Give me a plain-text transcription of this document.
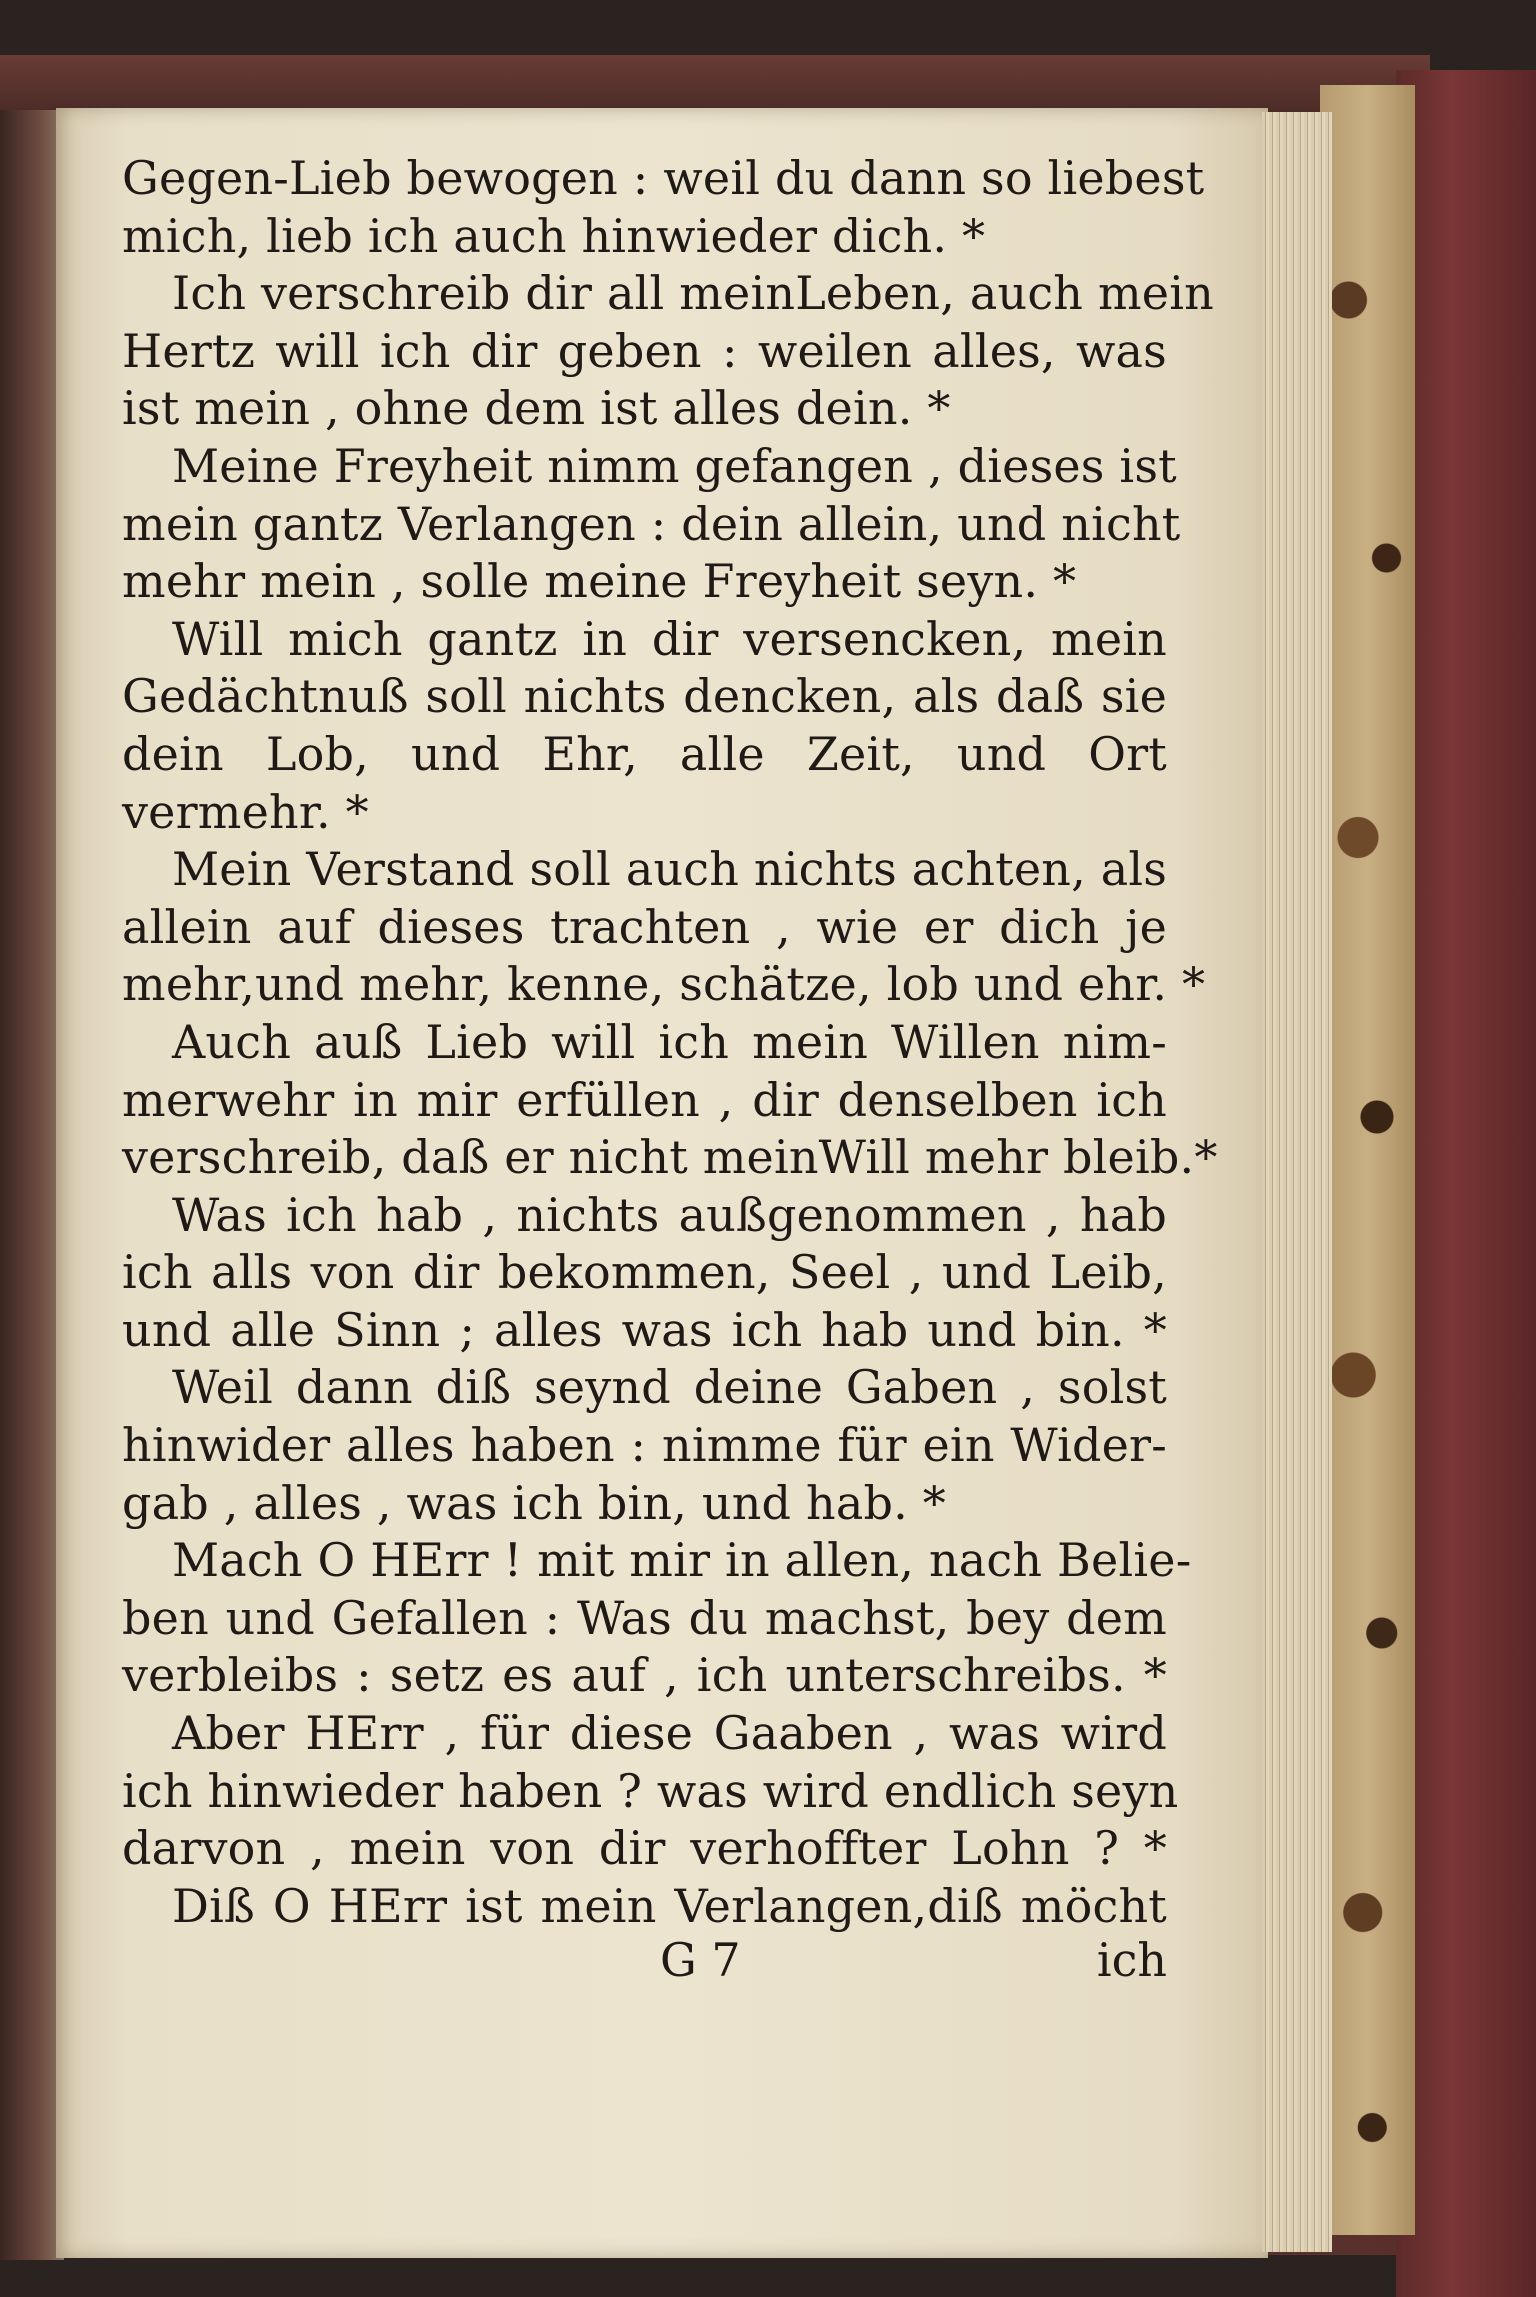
Gegen-Lieb bewogen : weil du dann so liebest
mich, lieb ich auch hinwieder dich. *
Ich verschreib dir all meinLeben, auch mein
Hertz will ich dir geben : weilen alles, was
ist mein , ohne dem ist alles dein. *
Meine Freyheit nimm gefangen , dieses ist
mein gantz Verlangen : dein allein, und nicht
mehr mein , solle meine Freyheit seyn. *
Will mich gantz in dir versencken, mein
Gedächtnuß soll nichts dencken, als daß sie
dein Lob, und Ehr, alle Zeit, und Ort
vermehr. *
Mein Verstand soll auch nichts achten, als
allein auf dieses trachten , wie er dich je
mehr,und mehr, kenne, schätze, lob und ehr. *
Auch auß Lieb will ich mein Willen nim-
merwehr in mir erfüllen , dir denselben ich
verschreib, daß er nicht meinWill mehr bleib.*
Was ich hab , nichts außgenommen , hab
ich alls von dir bekommen, Seel , und Leib,
und alle Sinn ; alles was ich hab und bin. *
Weil dann diß seynd deine Gaben , solst
hinwider alles haben : nimme für ein Wider-
gab , alles , was ich bin, und hab. *
Mach O HErr ! mit mir in allen, nach Belie-
ben und Gefallen : Was du machst, bey dem
verbleibs : setz es auf , ich unterschreibs. *
Aber HErr , für diese Gaaben , was wird
ich hinwieder haben ? was wird endlich seyn
darvon , mein von dir verhoffter Lohn ? *
Diß O HErr ist mein Verlangen,diß möcht
G 7	ich
